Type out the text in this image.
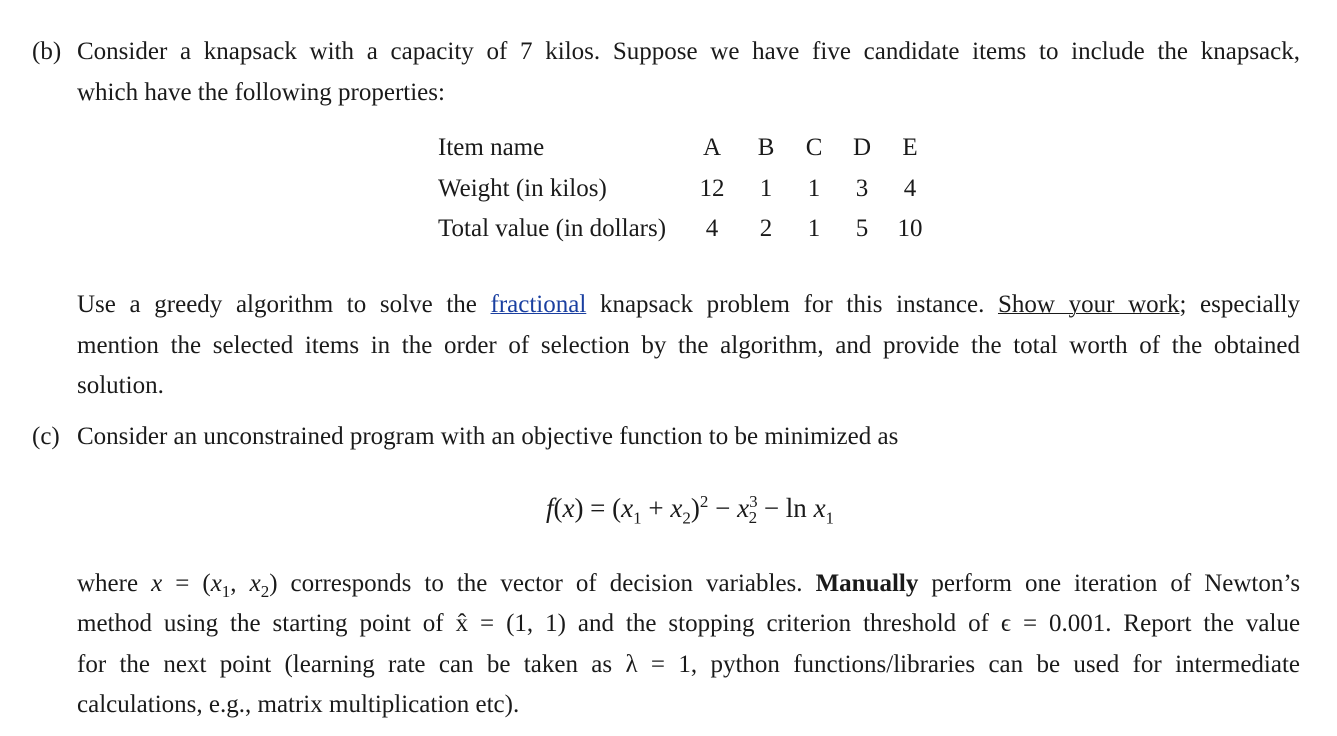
(b) Consider a knapsack with a capacity of 7 kilos. Suppose we have five candidate items to include the knapsack,
which have the following properties:
Item name	A	B	C	D	E
Weight (in kilos)	12	1	1	3	4
Total value (in dollars)	4	2	1	5	10
Use a greedy algorithm to solve the fractional knapsack problem for this instance. Show your work; especially
mention the selected items in the order of selection by the algorithm, and provide the total worth of the obtained
solution.
(c) Consider an unconstrained program with an objective function to be minimized as
$f(x) = (x_1 + x_2)^2 - x^3_2 - \ln x_1$
where $x = (x_1$, $x_2$) corresponds to the vector of decision variables. Manually perform one iteration of Newton’s
method using the starting point of x̂ = (1, 1) and the stopping criterion threshold of ϵ = 0.001. Report the value
for the next point (learning rate can be taken as λ = 1, python functions/libraries can be used for intermediate
calculations, e.g., matrix multiplication etc).
